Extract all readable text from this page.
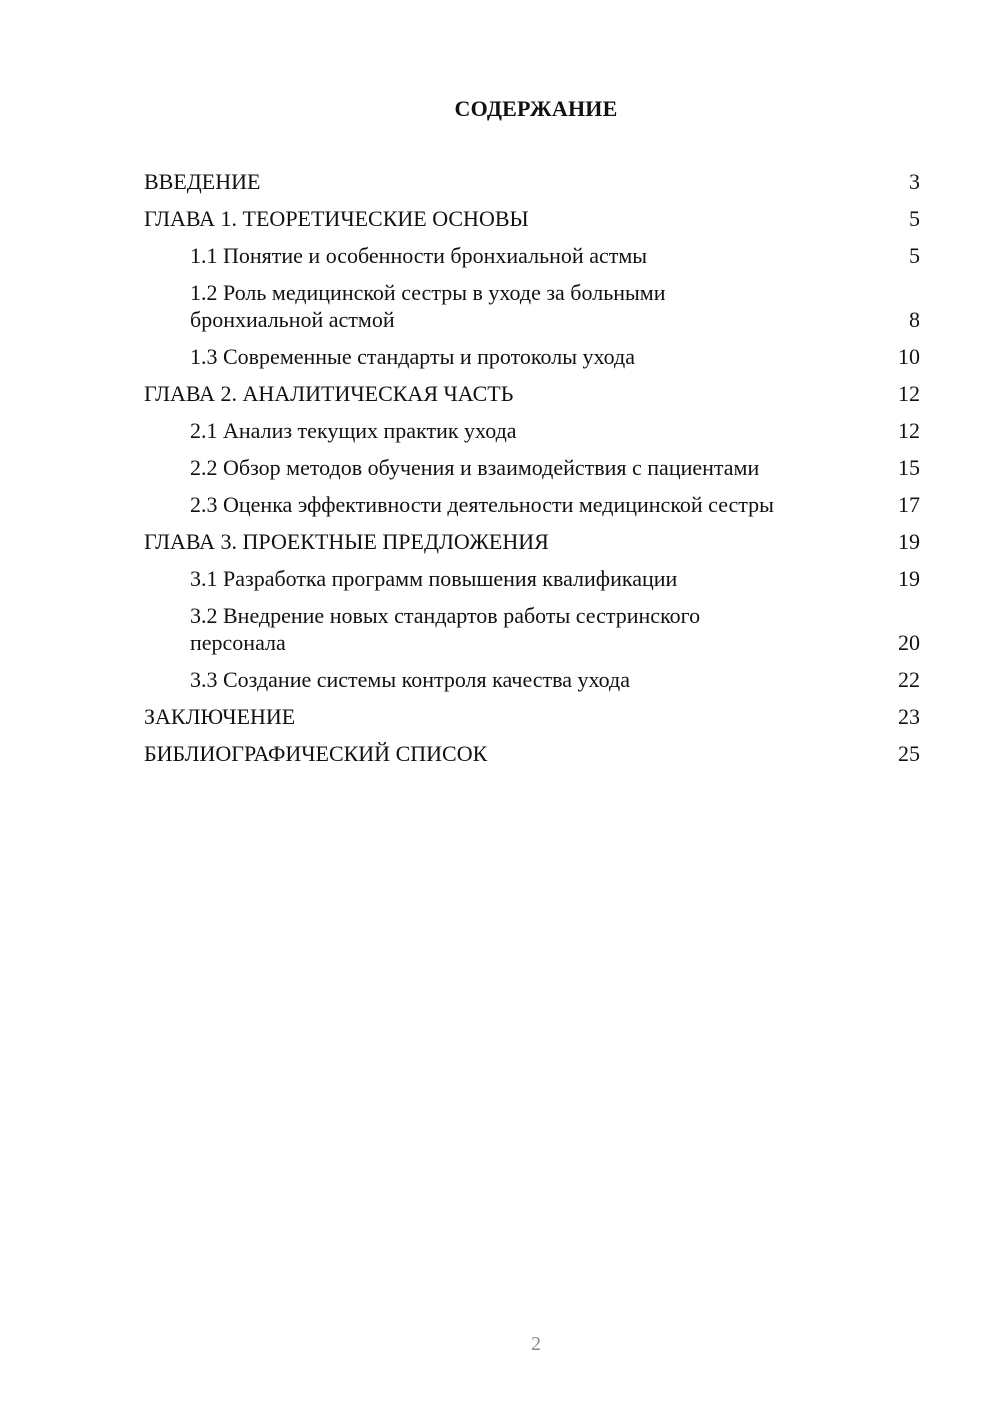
СОДЕРЖАНИЕ
ВВЕДЕНИЕ	3
ГЛАВА 1. ТЕОРЕТИЧЕСКИЕ ОСНОВЫ	5
1.1 Понятие и особенности бронхиальной астмы	5
1.2 Роль медицинской сестры в уходе за больными бронхиальной астмой	8
1.3 Современные стандарты и протоколы ухода	10
ГЛАВА 2. АНАЛИТИЧЕСКАЯ ЧАСТЬ	12
2.1 Анализ текущих практик ухода	12
2.2 Обзор методов обучения и взаимодействия с пациентами	15
2.3 Оценка эффективности деятельности медицинской сестры	17
ГЛАВА 3. ПРОЕКТНЫЕ ПРЕДЛОЖЕНИЯ	19
3.1 Разработка программ повышения квалификации	19
3.2 Внедрение новых стандартов работы сестринского персонала	20
3.3 Создание системы контроля качества ухода	22
ЗАКЛЮЧЕНИЕ	23
БИБЛИОГРАФИЧЕСКИЙ СПИСОК	25
2
